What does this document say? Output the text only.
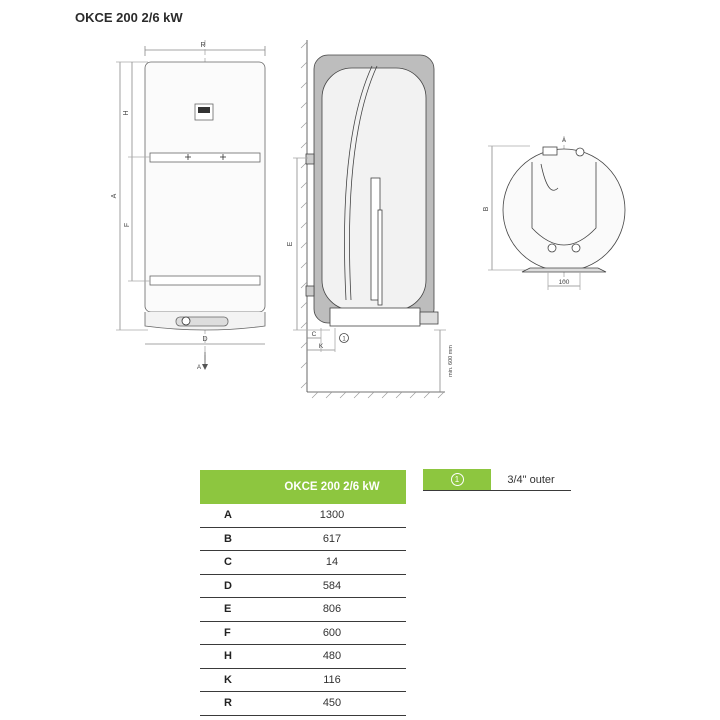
OKCE 200 2/6 kW
R
H
A
F
D
A
E
C
K
1
min. 600 mm
A
B
100
	OKCE 200 2/6 kW
A	1300
B	617
C	14
D	584
E	806
F	600
H	480
K	116
R	450
1	3/4" outer
